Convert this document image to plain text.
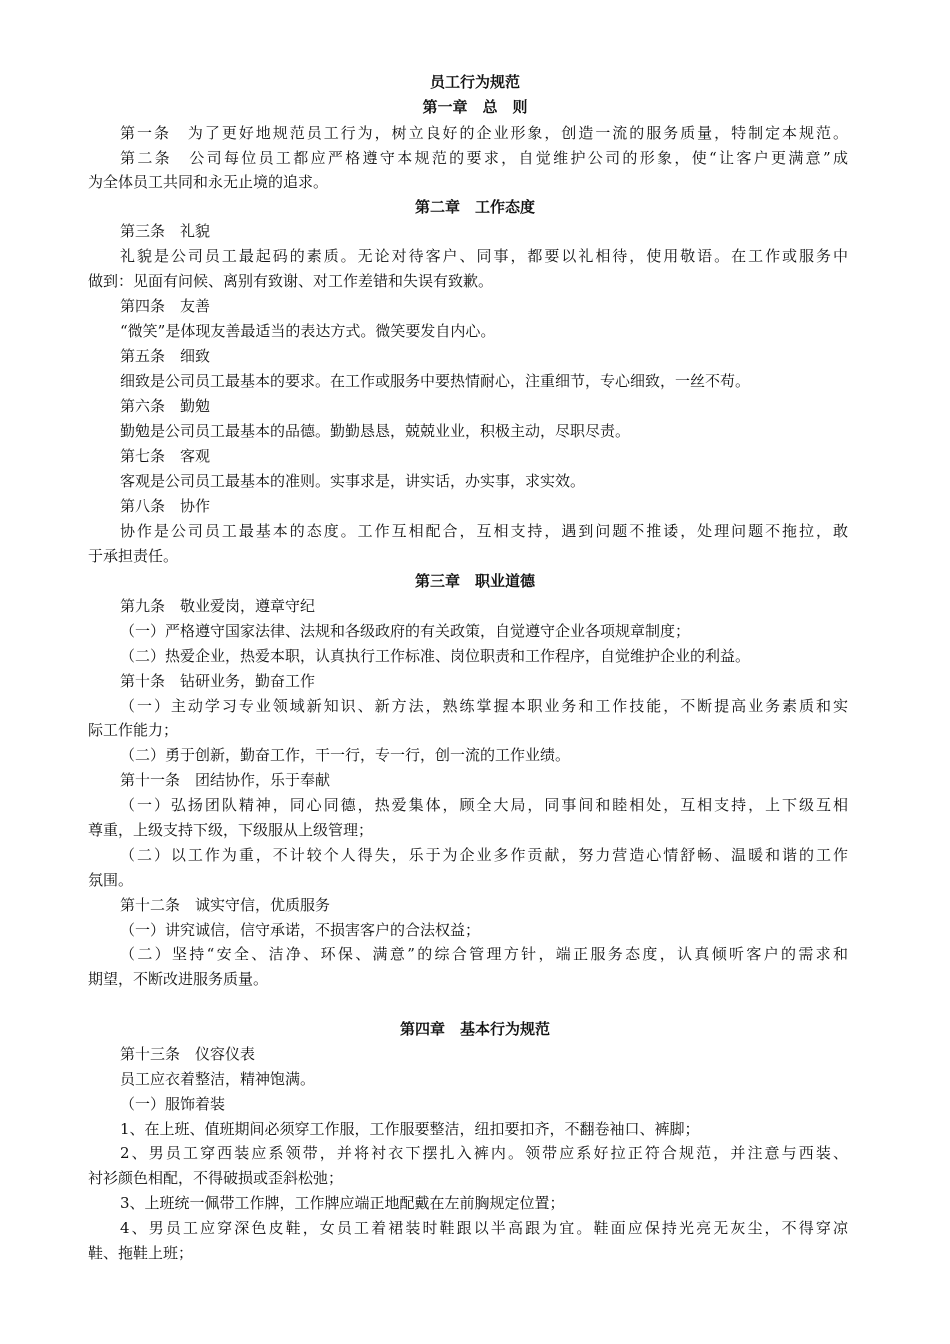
员工行为规范
第一章　总　则
第一条　为了更好地规范员工行为，树立良好的企业形象，创造一流的服务质量，特制定本规范。
第二条　公司每位员工都应严格遵守本规范的要求，自觉维护公司的形象，使“让客户更满意”成
为全体员工共同和永无止境的追求。
第二章　工作态度
第三条　礼貌
礼貌是公司员工最起码的素质。无论对待客户、同事，都要以礼相待，使用敬语。在工作或服务中
做到：见面有问候、离别有致谢、对工作差错和失误有致歉。
第四条　友善
“微笑”是体现友善最适当的表达方式。微笑要发自内心。
第五条　细致
细致是公司员工最基本的要求。在工作或服务中要热情耐心，注重细节，专心细致，一丝不苟。
第六条　勤勉
勤勉是公司员工最基本的品德。勤勤恳恳，兢兢业业，积极主动，尽职尽责。
第七条　客观
客观是公司员工最基本的准则。实事求是，讲实话，办实事，求实效。
第八条　协作
协作是公司员工最基本的态度。工作互相配合，互相支持，遇到问题不推诿，处理问题不拖拉，敢
于承担责任。
第三章　职业道德
第九条　敬业爱岗，遵章守纪
（一）严格遵守国家法律、法规和各级政府的有关政策，自觉遵守企业各项规章制度；
（二）热爱企业，热爱本职，认真执行工作标准、岗位职责和工作程序，自觉维护企业的利益。
第十条　钻研业务，勤奋工作
（一）主动学习专业领域新知识、新方法，熟练掌握本职业务和工作技能，不断提高业务素质和实
际工作能力；
（二）勇于创新，勤奋工作，干一行，专一行，创一流的工作业绩。
第十一条　团结协作，乐于奉献
（一）弘扬团队精神，同心同德，热爱集体，顾全大局，同事间和睦相处，互相支持，上下级互相
尊重，上级支持下级，下级服从上级管理；
（二）以工作为重，不计较个人得失，乐于为企业多作贡献，努力营造心情舒畅、温暖和谐的工作
氛围。
第十二条　诚实守信，优质服务
（一）讲究诚信，信守承诺，不损害客户的合法权益；
（二）坚持“安全、洁净、环保、满意”的综合管理方针，端正服务态度，认真倾听客户的需求和
期望，不断改进服务质量。
第四章　基本行为规范
第十三条　仪容仪表
员工应衣着整洁，精神饱满。
（一）服饰着装
1、在上班、值班期间必须穿工作服，工作服要整洁，纽扣要扣齐，不翻卷袖口、裤脚；
2、男员工穿西装应系领带，并将衬衣下摆扎入裤内。领带应系好拉正符合规范，并注意与西装、
衬衫颜色相配，不得破损或歪斜松弛；
3、上班统一佩带工作牌，工作牌应端正地配戴在左前胸规定位置；
4、男员工应穿深色皮鞋，女员工着裙装时鞋跟以半高跟为宜。鞋面应保持光亮无灰尘，不得穿凉
鞋、拖鞋上班；
